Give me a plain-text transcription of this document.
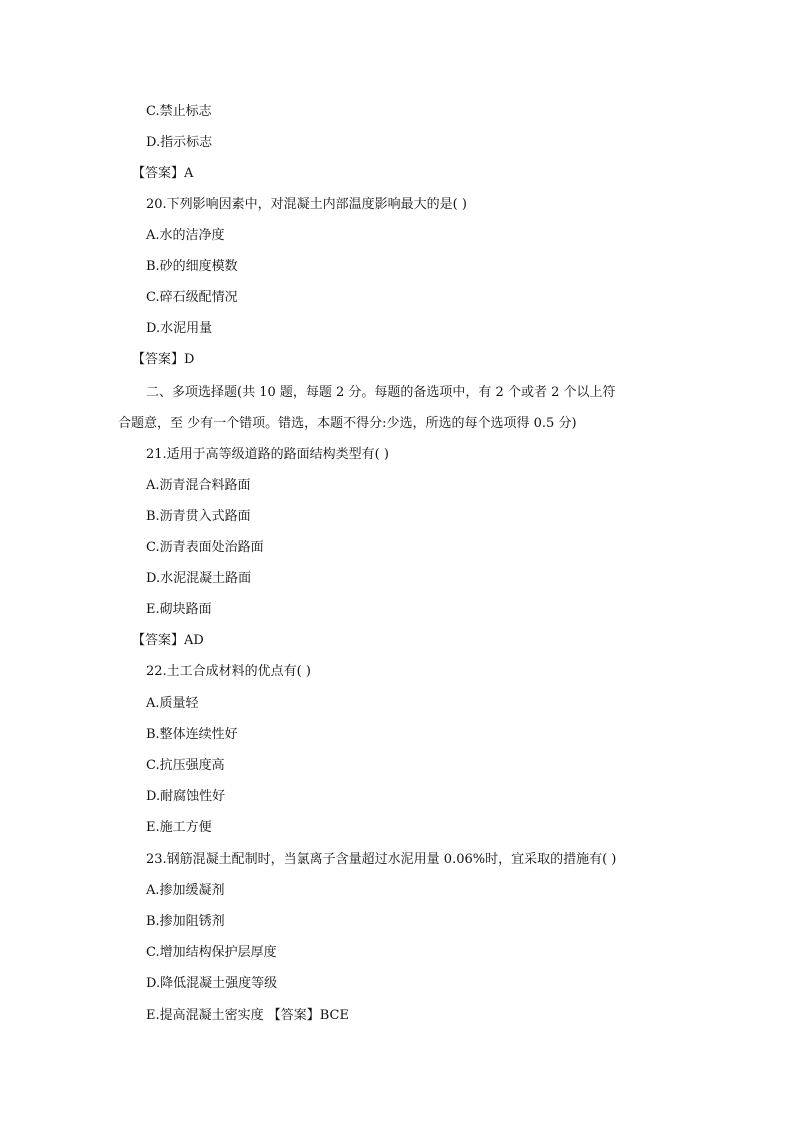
C.禁止标志
D.指示标志
【答案】A
20.下列影响因素中，对混凝土内部温度影响最大的是( )
A.水的洁净度
B.砂的细度模数
C.碎石级配情况
D.水泥用量
【答案】D
二、多项选择题(共 10 题，每题 2 分。每题的备选项中，有 2 个或者 2 个以上符
合题意，至 少有一个错项。错选，本题不得分:少选，所选的每个选项得 0.5 分)
21.适用于高等级道路的路面结构类型有( )
A.沥青混合料路面
B.沥青贯入式路面
C.沥青表面处治路面
D.水泥混凝土路面
E.砌块路面
【答案】AD
22.土工合成材料的优点有( )
A.质量轻
B.整体连续性好
C.抗压强度高
D.耐腐蚀性好
E.施工方便
23.钢筋混凝土配制时，当氯离子含量超过水泥用量 0.06%时，宜采取的措施有( )
A.掺加缓凝剂
B.掺加阻锈剂
C.增加结构保护层厚度
D.降低混凝土强度等级
E.提高混凝土密实度 【答案】BCE
